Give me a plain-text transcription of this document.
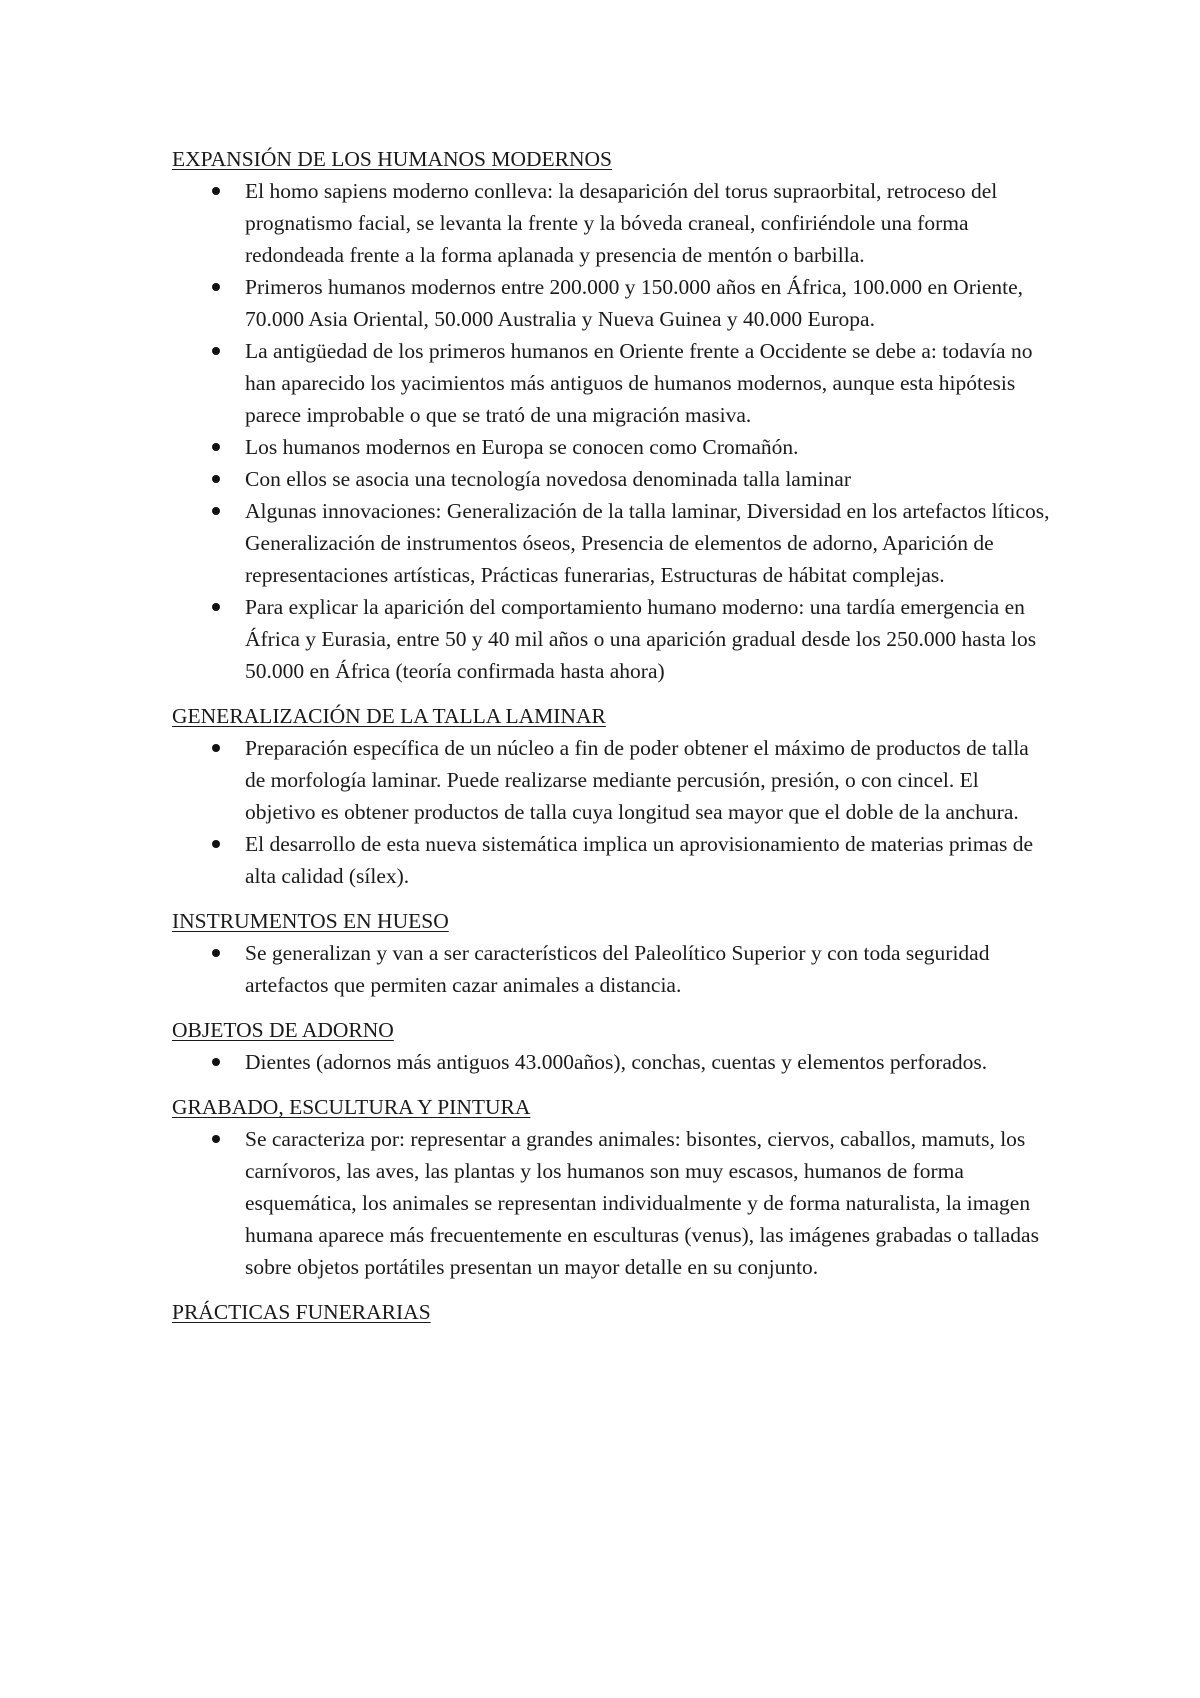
EXPANSIÓN DE LOS HUMANOS MODERNOS
El homo sapiens moderno conlleva: la desaparición del torus supraorbital, retroceso del prognatismo facial, se levanta la frente y la bóveda craneal, confiriéndole una forma redondeada frente a la forma aplanada y presencia de mentón o barbilla.
Primeros humanos modernos entre 200.000 y 150.000 años en África, 100.000 en Oriente, 70.000 Asia Oriental, 50.000 Australia y Nueva Guinea y 40.000 Europa.
La antigüedad de los primeros humanos en Oriente frente a Occidente se debe a: todavía no han aparecido los yacimientos más antiguos de humanos modernos, aunque esta hipótesis parece improbable o que se trató de una migración masiva.
Los humanos modernos en Europa se conocen como Cromañón.
Con ellos se asocia una tecnología novedosa denominada talla laminar
Algunas innovaciones: Generalización de la talla laminar, Diversidad en los artefactos líticos, Generalización de instrumentos óseos, Presencia de elementos de adorno, Aparición de representaciones artísticas, Prácticas funerarias, Estructuras de hábitat complejas.
Para explicar la aparición del comportamiento humano moderno: una tardía emergencia en África y Eurasia, entre 50 y 40 mil años o una aparición gradual desde los 250.000 hasta los 50.000 en África (teoría confirmada hasta ahora)
GENERALIZACIÓN DE LA TALLA LAMINAR
Preparación específica de un núcleo a fin de poder obtener el máximo de productos de talla de morfología laminar. Puede realizarse mediante percusión, presión, o con cincel. El objetivo es obtener productos de talla cuya longitud sea mayor que el doble de la anchura.
El desarrollo de esta nueva sistemática implica un aprovisionamiento de materias primas de alta calidad (sílex).
INSTRUMENTOS EN HUESO
Se generalizan y van a ser característicos del Paleolítico Superior y con toda seguridad artefactos que permiten cazar animales a distancia.
OBJETOS DE ADORNO
Dientes (adornos más antiguos 43.000años), conchas, cuentas y elementos perforados.
GRABADO, ESCULTURA Y PINTURA
Se caracteriza por: representar a grandes animales: bisontes, ciervos, caballos, mamuts, los carnívoros, las aves, las plantas y los humanos son muy escasos, humanos de forma esquemática, los animales se representan individualmente y de forma naturalista, la imagen humana aparece más frecuentemente en esculturas (venus), las imágenes grabadas o talladas sobre objetos portátiles presentan un mayor detalle en su conjunto.
PRÁCTICAS FUNERARIAS
